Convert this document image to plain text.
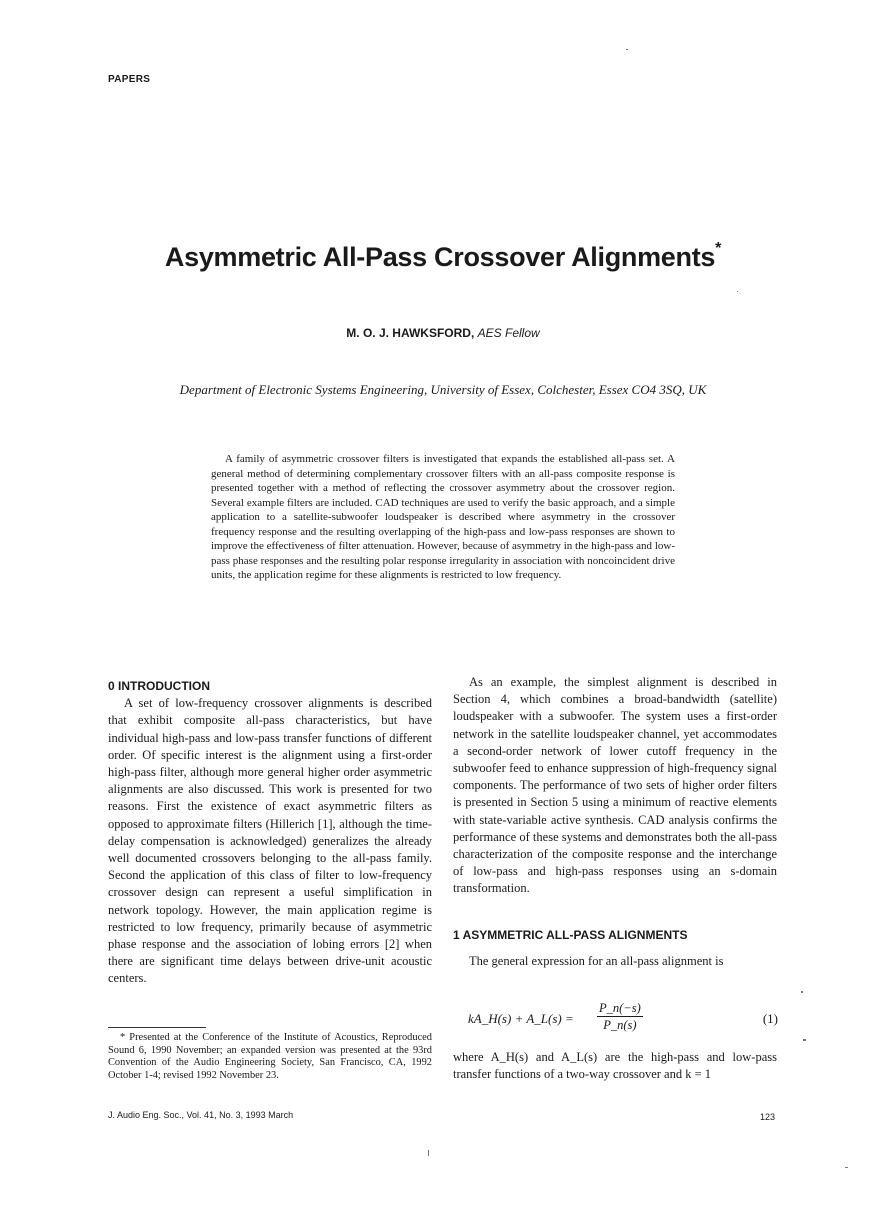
PAPERS
Asymmetric All-Pass Crossover Alignments*
M. O. J. HAWKSFORD, AES Fellow
Department of Electronic Systems Engineering, University of Essex, Colchester, Essex CO4 3SQ, UK
A family of asymmetric crossover filters is investigated that expands the established all-pass set. A general method of determining complementary crossover filters with an all-pass composite response is presented together with a method of reflecting the crossover asymmetry about the crossover region. Several example filters are included. CAD techniques are used to verify the basic approach, and a simple application to a satellite-subwoofer loudspeaker is described where asymmetry in the crossover frequency response and the resulting overlapping of the high-pass and low-pass responses are shown to improve the effectiveness of filter attenuation. However, because of asymmetry in the high-pass and low-pass phase responses and the resulting polar response irregularity in association with noncoincident drive units, the application regime for these alignments is restricted to low frequency.

0 INTRODUCTION

A set of low-frequency crossover alignments is described that exhibit composite all-pass characteristics, but have individual high-pass and low-pass transfer functions of different order. Of specific interest is the alignment using a first-order high-pass filter, although more general higher order asymmetric alignments are also discussed. This work is presented for two reasons. First the existence of exact asymmetric filters as opposed to approximate filters (Hillerich [1], although the time-delay compensation is acknowledged) generalizes the already well documented crossovers belonging to the all-pass family. Second the application of this class of filter to low-frequency crossover design can represent a useful simplification in network topology. However, the main application regime is restricted to low frequency, primarily because of asymmetric phase response and the association of lobing errors [2] when there are significant time delays between drive-unit acoustic centers.

* Presented at the Conference of the Institute of Acoustics, Reproduced Sound 6, 1990 November; an expanded version was presented at the 93rd Convention of the Audio Engineering Society, San Francisco, CA, 1992 October 1-4; revised 1992 November 23.

As an example, the simplest alignment is described in Section 4, which combines a broad-bandwidth (satellite) loudspeaker with a subwoofer. The system uses a first-order network in the satellite loudspeaker channel, yet accommodates a second-order network of lower cutoff frequency in the subwoofer feed to enhance suppression of high-frequency signal components. The performance of two sets of higher order filters is presented in Section 5 using a minimum of reactive elements with state-variable active synthesis. CAD analysis confirms the performance of these systems and demonstrates both the all-pass characterization of the composite response and the interchange of low-pass and high-pass responses using an s-domain transformation.

1 ASYMMETRIC ALL-PASS ALIGNMENTS
The general expression for an all-pass alignment is
kA_H(s) + A_L(s) = $\frac{P\_n(-s)}{P\_n(s)}$	(1)
where A_H(s) and A_L(s) are the high-pass and low-pass transfer functions of a two-way crossover and k = 1
J. Audio Eng. Soc., Vol. 41, No. 3, 1993 March	123
